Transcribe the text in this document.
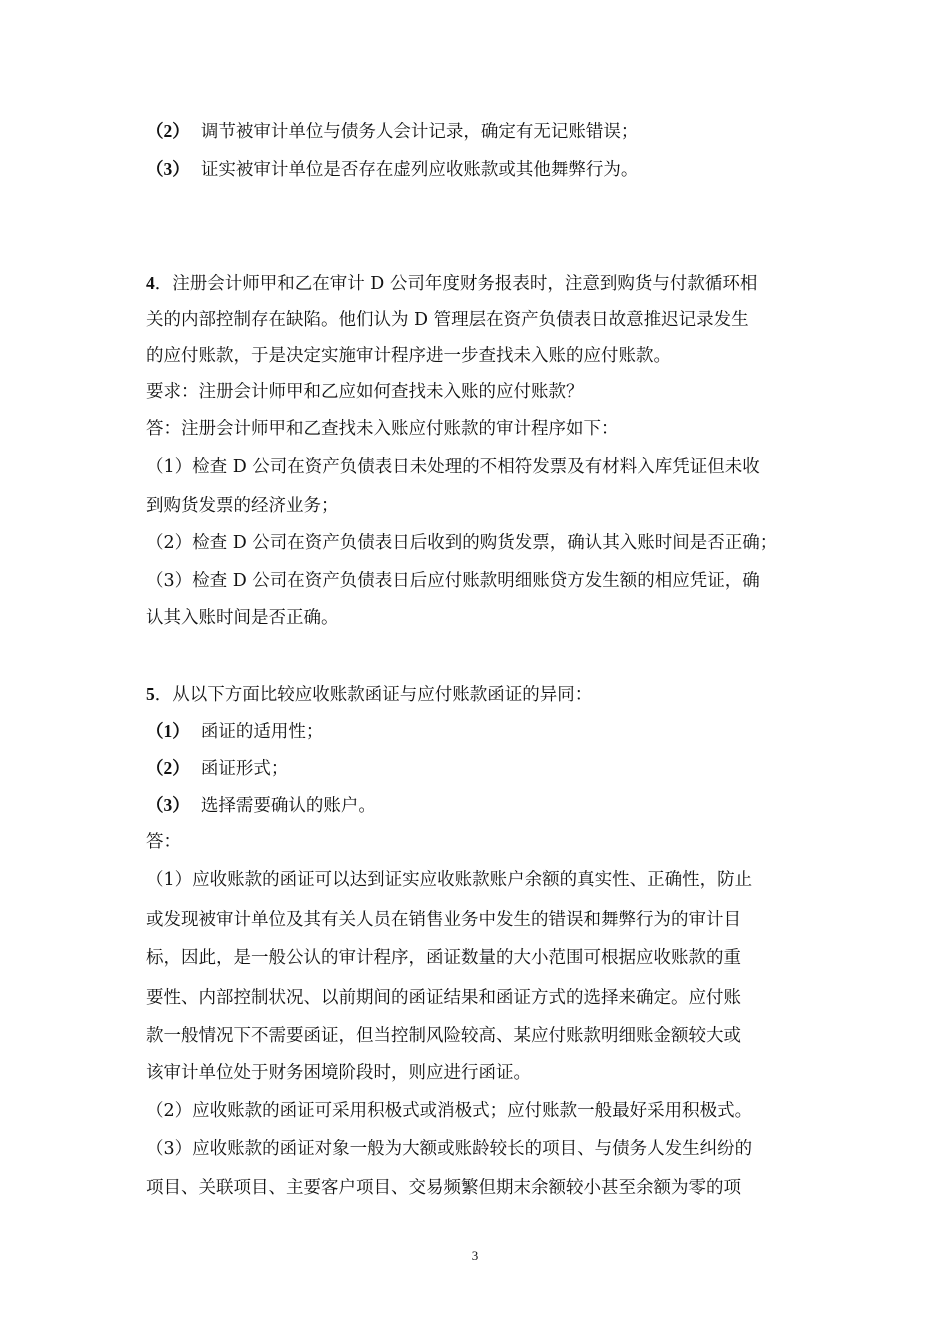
（2） 调节被审计单位与债务人会计记录，确定有无记账错误；
（3） 证实被审计单位是否存在虚列应收账款或其他舞弊行为。
4．注册会计师甲和乙在审计 D 公司年度财务报表时，注意到购货与付款循环相
关的内部控制存在缺陷。他们认为 D 管理层在资产负债表日故意推迟记录发生
的应付账款，于是决定实施审计程序进一步查找未入账的应付账款。
要求：注册会计师甲和乙应如何查找未入账的应付账款？
答：注册会计师甲和乙查找未入账应付账款的审计程序如下：
（1）检查 D 公司在资产负债表日未处理的不相符发票及有材料入库凭证但未收
到购货发票的经济业务；
（2）检查 D 公司在资产负债表日后收到的购货发票，确认其入账时间是否正确；
（3）检查 D 公司在资产负债表日后应付账款明细账贷方发生额的相应凭证，确
认其入账时间是否正确。
5．从以下方面比较应收账款函证与应付账款函证的异同：
（1） 函证的适用性；
（2） 函证形式；
（3） 选择需要确认的账户。
答：
（1）应收账款的函证可以达到证实应收账款账户余额的真实性、正确性，防止
或发现被审计单位及其有关人员在销售业务中发生的错误和舞弊行为的审计目
标，因此，是一般公认的审计程序，函证数量的大小范围可根据应收账款的重
要性、内部控制状况、以前期间的函证结果和函证方式的选择来确定。应付账
款一般情况下不需要函证，但当控制风险较高、某应付账款明细账金额较大或
该审计单位处于财务困境阶段时，则应进行函证。
（2）应收账款的函证可采用积极式或消极式；应付账款一般最好采用积极式。
（3）应收账款的函证对象一般为大额或账龄较长的项目、与债务人发生纠纷的
项目、关联项目、主要客户项目、交易频繁但期末余额较小甚至余额为零的项
3
